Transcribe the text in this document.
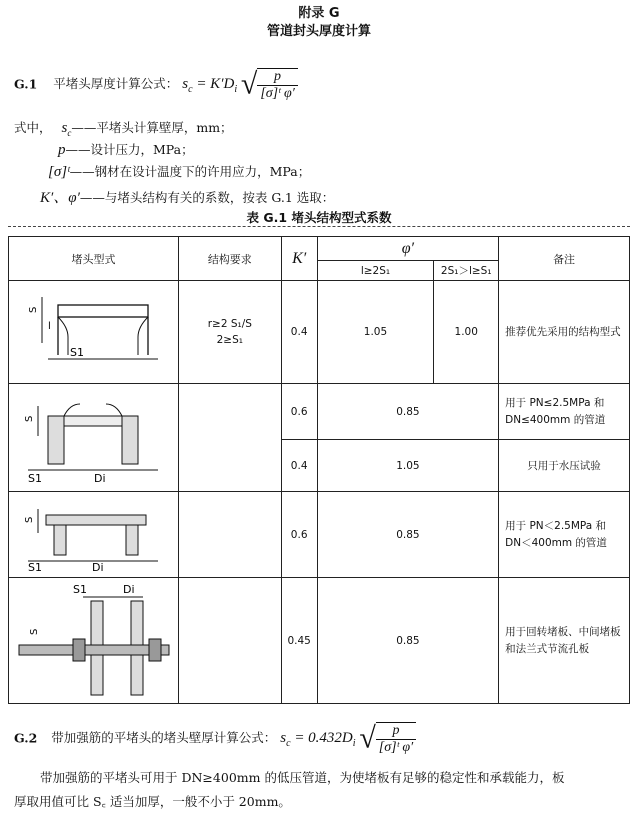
附录 G
管道封头厚度计算
G.1 平堵头厚度计算公式： $s_c = K'D_i$ √ $\frac{p}{\text{[σ]ᵗ φ′}}$
式中， $s_c——$平堵头计算壁厚，mm；
p——设计压力，MPa；
[σ]ᵗ——钢材在设计温度下的许用应力，MPa；
K′、φ′——与堵头结构有关的系数，按表 G.1 选取：
表 G.1 堵头结构型式系数
堵头型式	结构要求	K′	φ′		备注
			l≥2S₁	2S₁＞l≥S₁	

S
l
S1	r≥2 S₁/S
2≥S₁	0.4	1.05	1.00	推荐优先采用的结构型式

S
S1 Di		0.6	0.85		用于 PN≤2.5MPa 和 DN≤400mm 的管道
		0.4	1.05		只用于水压试验

S
S1 Di		0.6	0.85		用于 PN＜2.5MPa 和 DN＜400mm 的管道

S1 Di
S		0.45	0.85		用于回转堵板、中间堵板和法兰式节流孔板
G.2 带加强筋的平堵头的堵头壁厚计算公式： $s_c = 0.432D_i$ √ $\frac{p}{\text{[σ]ᵗ φ′}}$
带加强筋的平堵头可用于 DN≥400mm 的低压管道，为使堵板有足够的稳定性和承载能力，板
厚取用值可比 S꜀ 适当加厚，一般不小于 20mm。
